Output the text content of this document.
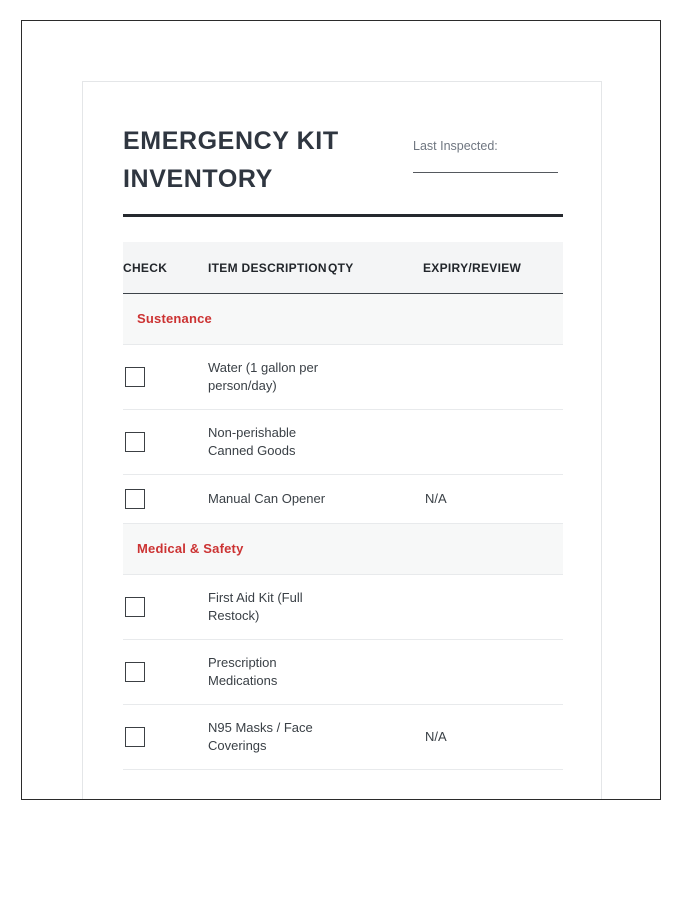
EMERGENCY KIT INVENTORY
Last Inspected:
CHECK	ITEM DESCRIPTION	QTY	EXPIRY/REVIEW
Sustenance			

	Water (1 gallon per person/day)		

	Non-perishable Canned Goods		

	Manual Can Opener		N/A
Medical & Safety			

	First Aid Kit (Full Restock)		

	Prescription Medications		

	N95 Masks / Face Coverings		N/A
